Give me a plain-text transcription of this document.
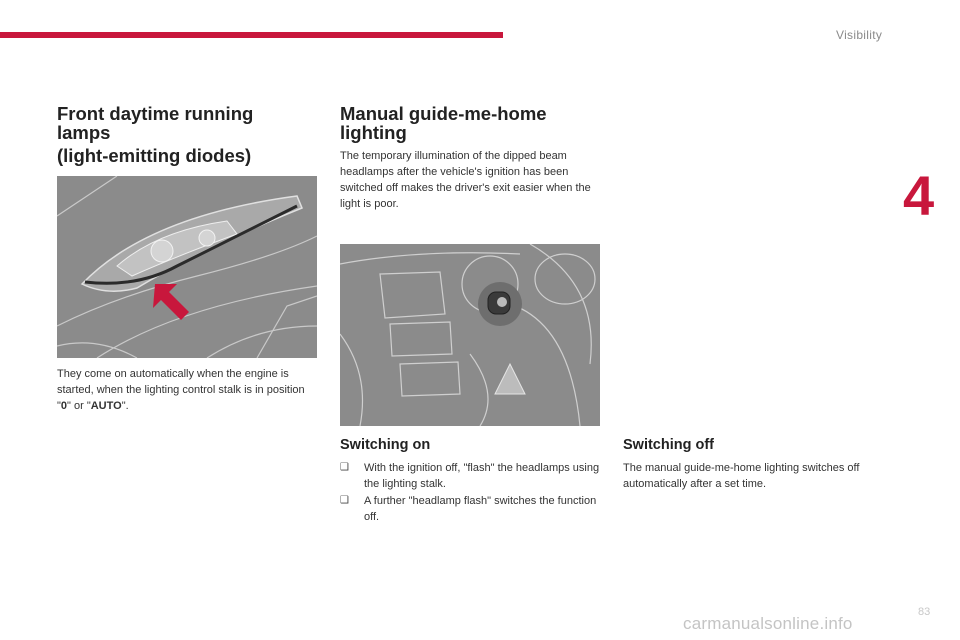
Visibility
4
Front daytime running lamps
(light-emitting diodes)

They come on automatically when the engine is started, when the lighting control stalk is in position "0" or "AUTO".

Manual guide-me-home lighting

The temporary illumination of the dipped beam headlamps after the vehicle's ignition has been switched off makes the driver's exit easier when the light is poor.

Switching on
❑ With the ignition off, "flash" the headlamps using the lighting stalk.
❑ A further "headlamp flash" switches the function off.
Switching off

The manual guide-me-home lighting switches off automatically after a set time.

carmanualsonline.info
83
